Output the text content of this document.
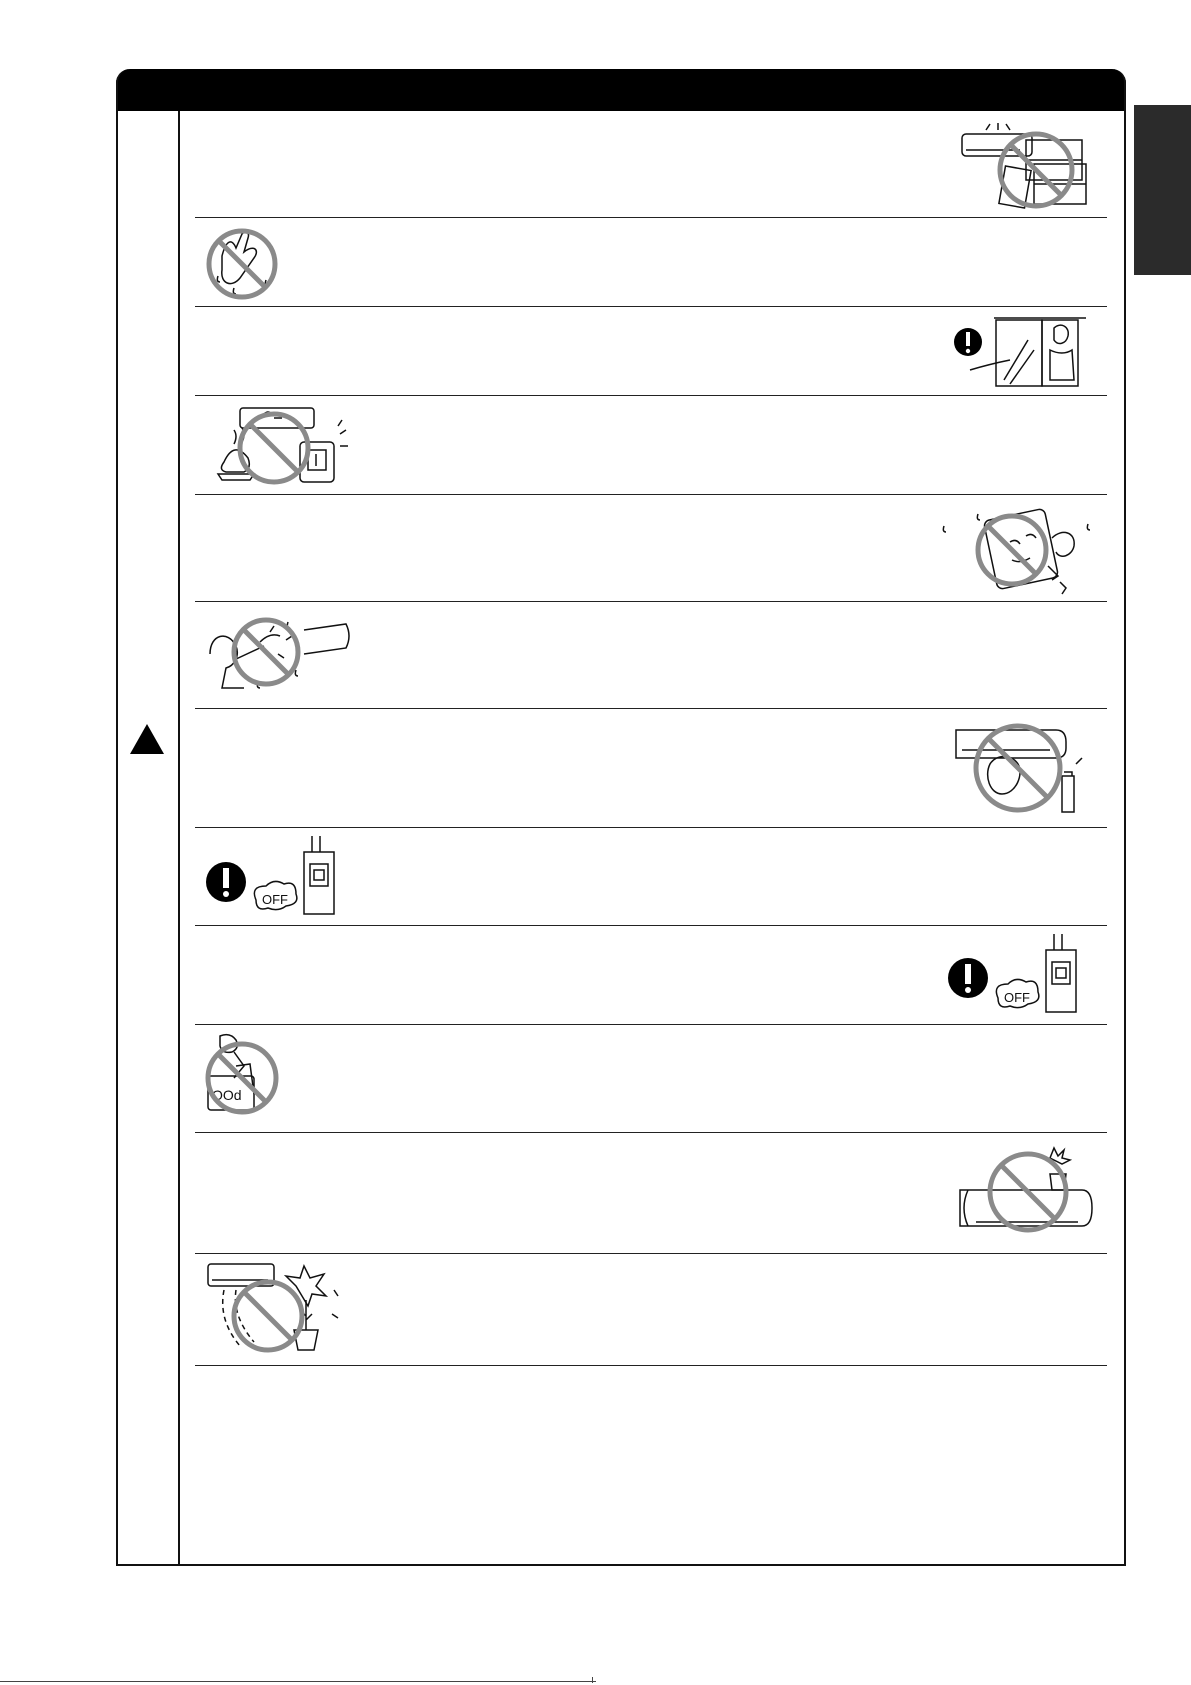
OFF
OFF
OOd
